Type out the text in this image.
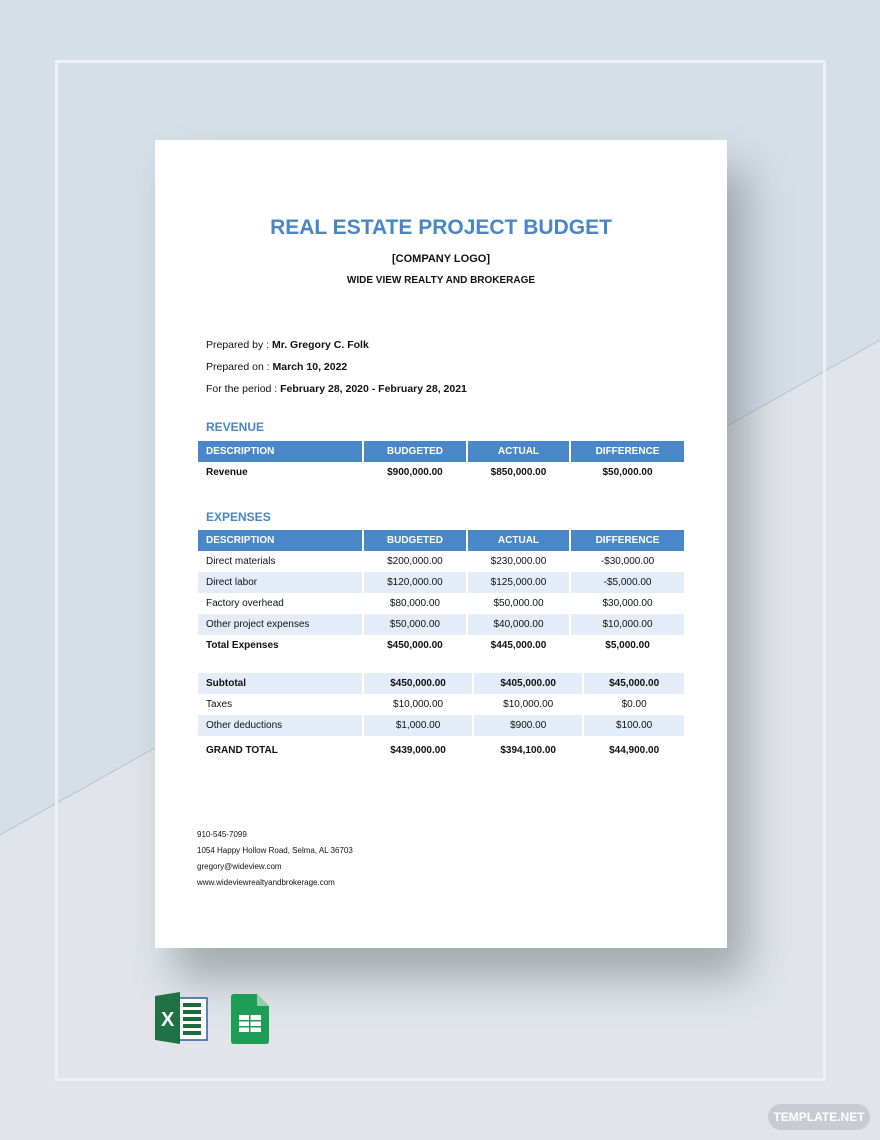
REAL ESTATE PROJECT BUDGET
[COMPANY LOGO]
WIDE VIEW REALTY AND BROKERAGE
Prepared by : Mr. Gregory C. Folk
Prepared on : March 10, 2022
For the period : February 28, 2020 - February 28, 2021
REVENUE
DESCRIPTION	BUDGETED	ACTUAL	DIFFERENCE
Revenue	$900,000.00	$850,000.00	$50,000.00
EXPENSES
DESCRIPTION	BUDGETED	ACTUAL	DIFFERENCE
Direct materials	$200,000.00	$230,000.00	-$30,000.00
Direct labor	$120,000.00	$125,000.00	-$5,000.00
Factory overhead	$80,000.00	$50,000.00	$30,000.00
Other project expenses	$50,000.00	$40,000.00	$10,000.00
Total Expenses	$450,000.00	$445,000.00	$5,000.00
Subtotal	$450,000.00	$405,000.00	$45,000.00
Taxes	$10,000.00	$10,000.00	$0.00
Other deductions	$1,000.00	$900.00	$100.00
GRAND TOTAL	$439,000.00	$394,100.00	$44,900.00
910-545-7099
1054 Happy Hollow Road, Selma, AL 36703
gregory@wideview.com
www.wideviewrealtyandbrokerage.com
X
TEMPLATE.NET
